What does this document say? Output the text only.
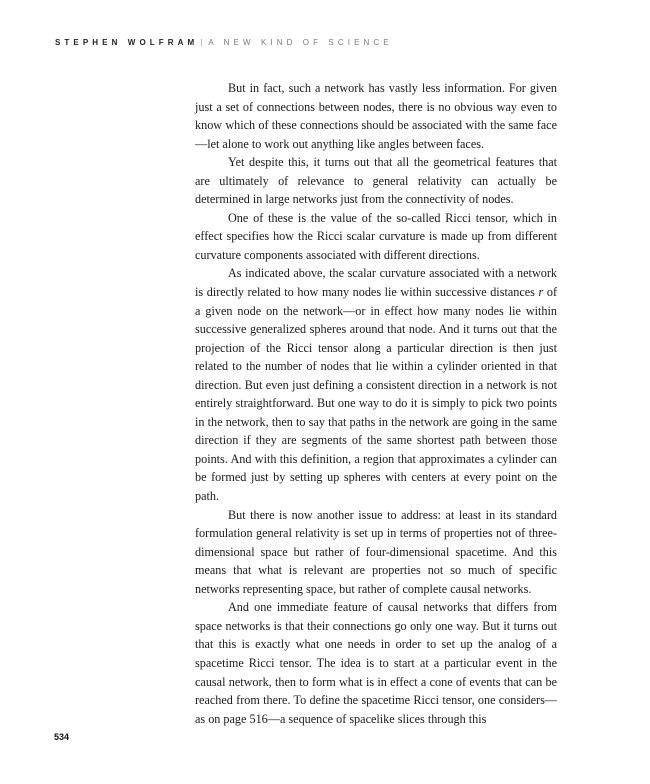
STEPHEN WOLFRAM | A NEW KIND OF SCIENCE

But in fact, such a network has vastly less information. For given just a set of connections between nodes, there is no obvious way even to know which of these connections should be associated with the same face—let alone to work out anything like angles between faces.

Yet despite this, it turns out that all the geometrical features that are ultimately of relevance to general relativity can actually be determined in large networks just from the connectivity of nodes.

One of these is the value of the so-called Ricci tensor, which in effect specifies how the Ricci scalar curvature is made up from different curvature components associated with different directions.

As indicated above, the scalar curvature associated with a network is directly related to how many nodes lie within successive distances r of a given node on the network—or in effect how many nodes lie within successive generalized spheres around that node. And it turns out that the projection of the Ricci tensor along a particular direction is then just related to the number of nodes that lie within a cylinder oriented in that direction. But even just defining a consistent direction in a network is not entirely straightforward. But one way to do it is simply to pick two points in the network, then to say that paths in the network are going in the same direction if they are segments of the same shortest path between those points. And with this definition, a region that approximates a cylinder can be formed just by setting up spheres with centers at every point on the path.

But there is now another issue to address: at least in its standard formulation general relativity is set up in terms of properties not of three-dimensional space but rather of four-dimensional spacetime. And this means that what is relevant are properties not so much of specific networks representing space, but rather of complete causal networks.

And one immediate feature of causal networks that differs from space networks is that their connections go only one way. But it turns out that this is exactly what one needs in order to set up the analog of a spacetime Ricci tensor. The idea is to start at a particular event in the causal network, then to form what is in effect a cone of events that can be reached from there. To define the spacetime Ricci tensor, one considers—as on page 516—a sequence of spacelike slices through this

534
